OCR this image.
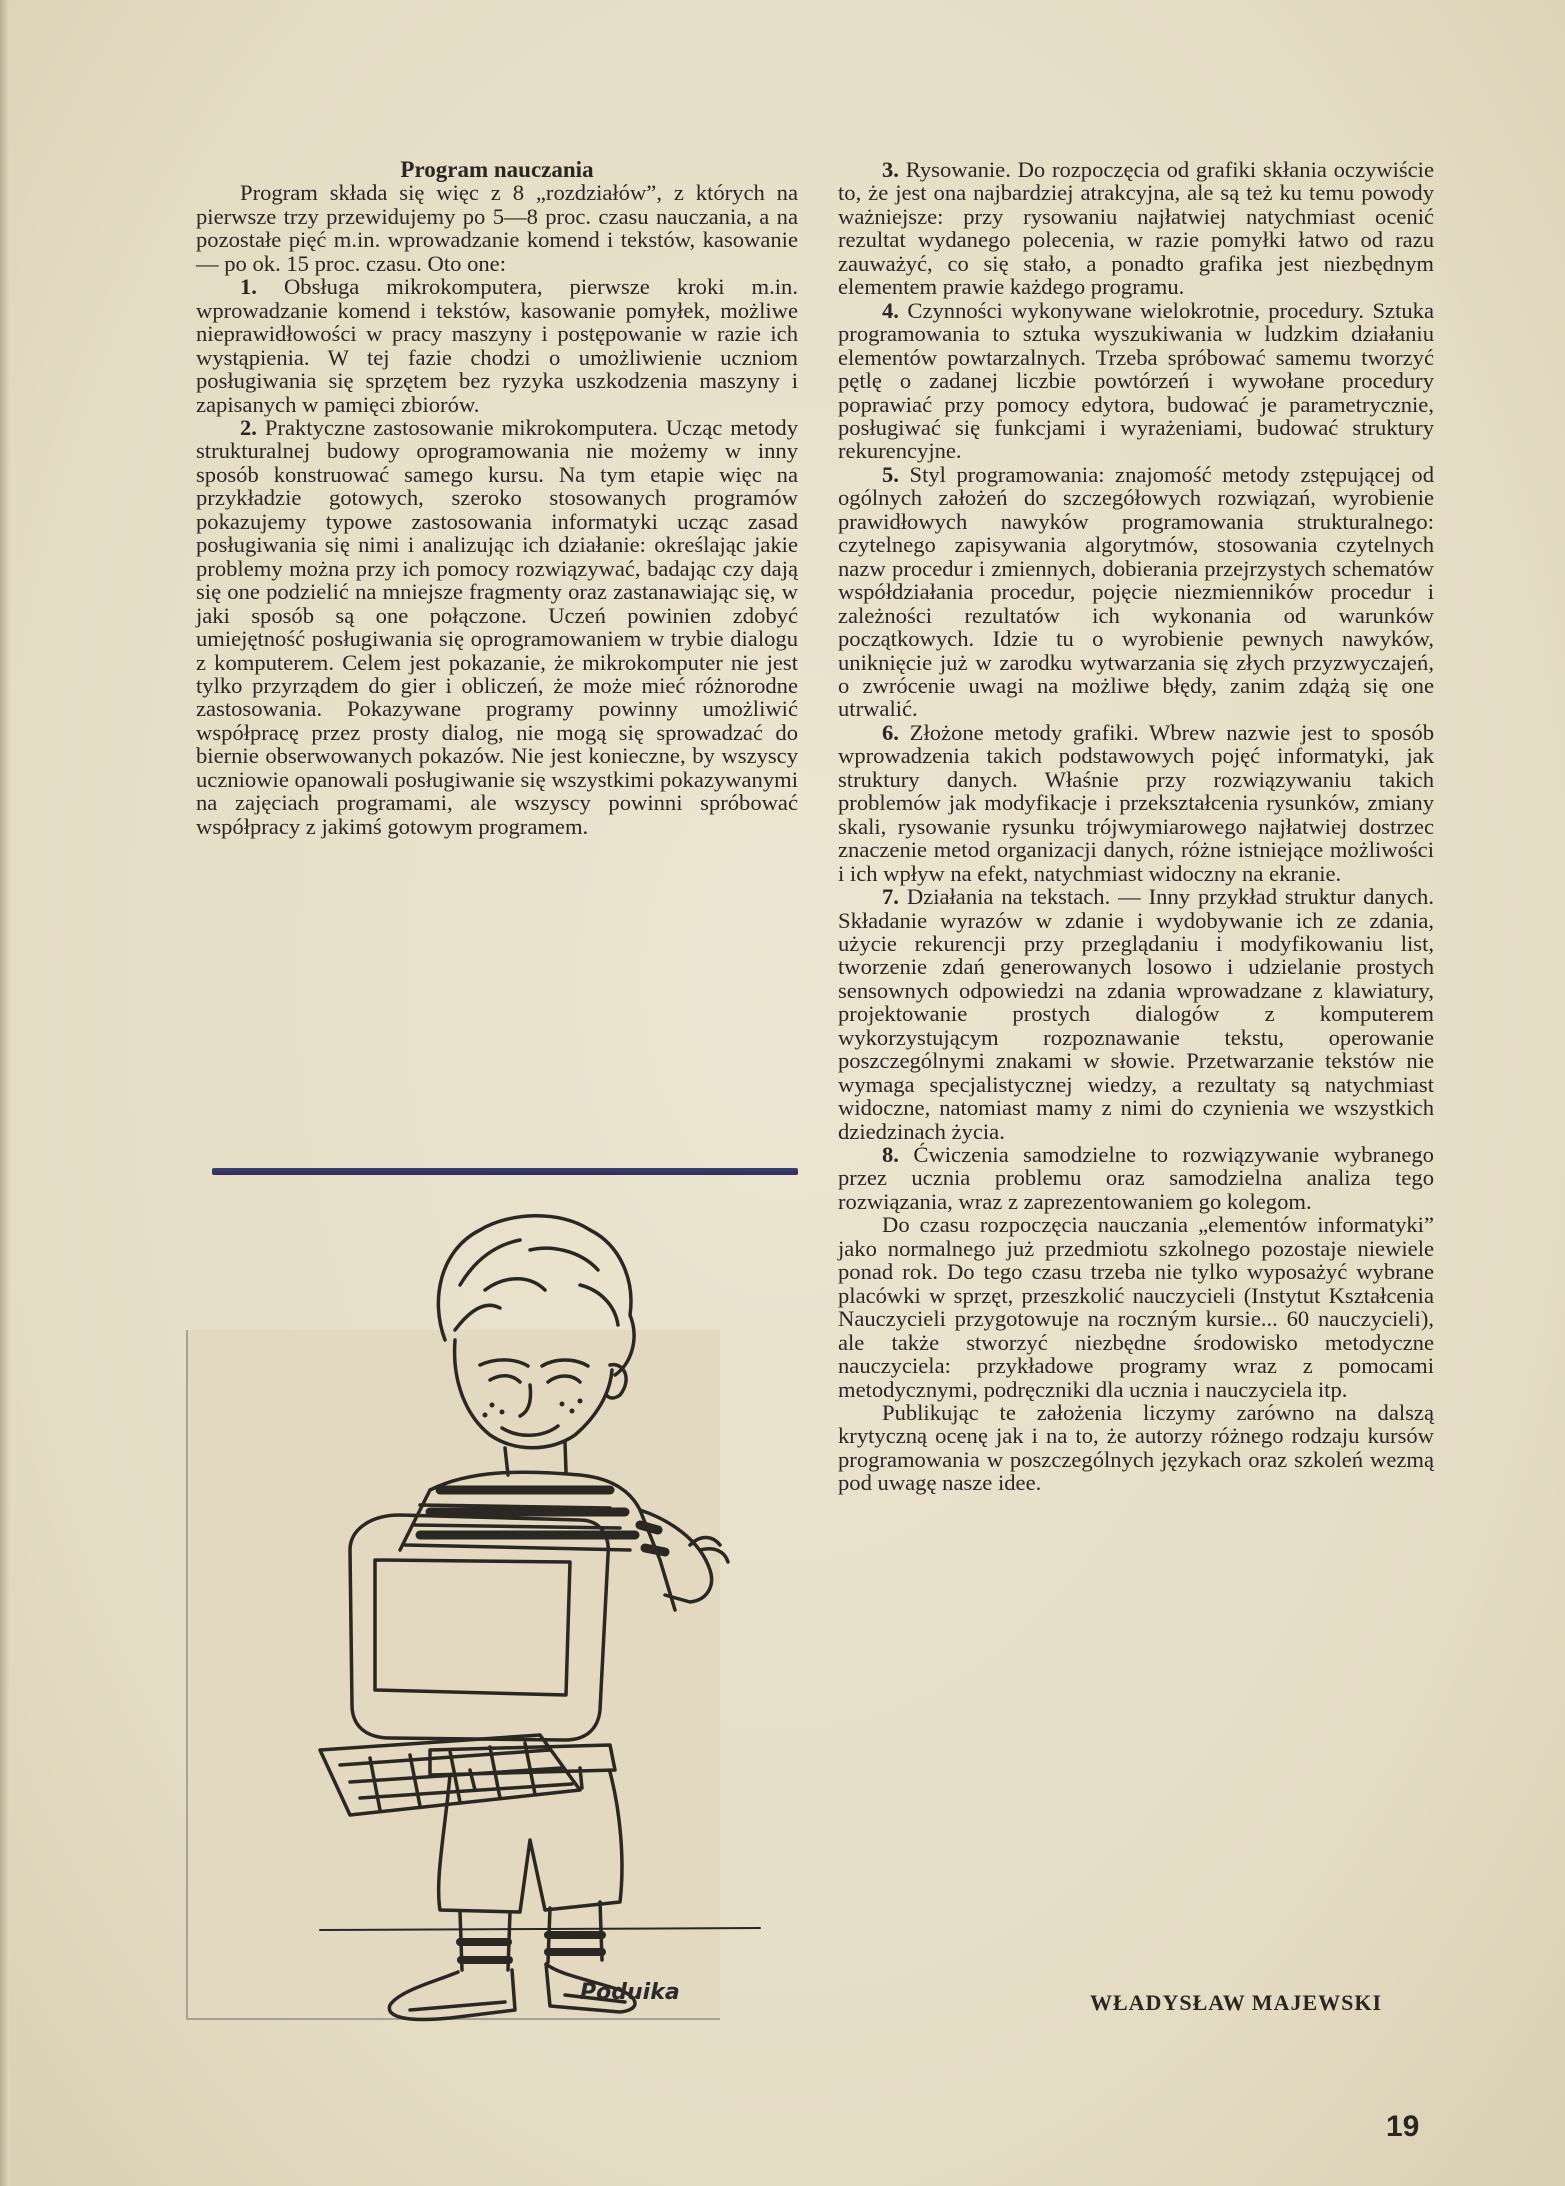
Program nauczania

Program składa się więc z 8 „rozdziałów”, z których na pierwsze trzy przewidujemy po 5—8 proc. czasu nauczania, a na pozostałe pięć m.in. wprowadzanie komend i tekstów, kasowanie — po ok. 15 proc. czasu. Oto one:

1. Obsługa mikrokomputera, pierwsze kroki m.in. wprowadzanie komend i tekstów, kasowanie pomyłek, możliwe nieprawidłowości w pracy maszyny i postępowanie w razie ich wystąpienia. W tej fazie chodzi o umożliwienie uczniom posługiwania się sprzętem bez ryzyka uszkodzenia maszyny i zapisanych w pamięci zbiorów.

2. Praktyczne zastosowanie mikrokomputera. Ucząc metody strukturalnej budowy oprogramowania nie możemy w inny sposób konstruować samego kursu. Na tym etapie więc na przykładzie gotowych, szeroko stosowanych programów pokazujemy typowe zastosowania informatyki ucząc zasad posługiwania się nimi i analizując ich działanie: określając jakie problemy można przy ich pomocy rozwiązywać, badając czy dają się one podzielić na mniejsze fragmenty oraz zastanawiając się, w jaki sposób są one połączone. Uczeń powinien zdobyć umiejętność posługiwania się oprogramowaniem w trybie dialogu z komputerem. Celem jest pokazanie, że mikrokomputer nie jest tylko przyrządem do gier i obliczeń, że może mieć różnorodne zastosowania. Pokazywane programy powinny umożliwić współpracę przez prosty dialog, nie mogą się sprowadzać do biernie obserwowanych pokazów. Nie jest konieczne, by wszyscy uczniowie opanowali posługiwanie się wszystkimi pokazywanymi na zajęciach programami, ale wszyscy powinni spróbować współpracy z jakimś gotowym programem.

3. Rysowanie. Do rozpoczęcia od grafiki skłania oczywiście to, że jest ona najbardziej atrakcyjna, ale są też ku temu powody ważniejsze: przy rysowaniu najłatwiej natychmiast ocenić rezultat wydanego polecenia, w razie pomyłki łatwo od razu zauważyć, co się stało, a ponadto grafika jest niezbędnym elementem prawie każdego programu.

4. Czynności wykonywane wielokrotnie, procedury. Sztuka programowania to sztuka wyszukiwania w ludzkim działaniu elementów powtarzalnych. Trzeba spróbować samemu tworzyć pętlę o zadanej liczbie powtórzeń i wywołane procedury poprawiać przy pomocy edytora, budować je parametrycznie, posługiwać się funkcjami i wyrażeniami, budować struktury rekurencyjne.

5. Styl programowania: znajomość metody zstępującej od ogólnych założeń do szczegółowych rozwiązań, wyrobienie prawidłowych nawyków programowania strukturalnego: czytelnego zapisywania algorytmów, stosowania czytelnych nazw procedur i zmiennych, dobierania przejrzystych schematów współdziałania procedur, pojęcie niezmienników procedur i zależności rezultatów ich wykonania od warunków początkowych. Idzie tu o wyrobienie pewnych nawyków, uniknięcie już w zarodku wytwarzania się złych przyzwyczajeń, o zwrócenie uwagi na możliwe błędy, zanim zdążą się one utrwalić.

6. Złożone metody grafiki. Wbrew nazwie jest to sposób wprowadzenia takich podstawowych pojęć informatyki, jak struktury danych. Właśnie przy rozwiązywaniu takich problemów jak modyfikacje i przekształcenia rysunków, zmiany skali, rysowanie rysunku trójwymiarowego najłatwiej dostrzec znaczenie metod organizacji danych, różne istniejące możliwości i ich wpływ na efekt, natychmiast widoczny na ekranie.

7. Działania na tekstach. — Inny przykład struktur danych. Składanie wyrazów w zdanie i wydobywanie ich ze zdania, użycie rekurencji przy przeglądaniu i modyfikowaniu list, tworzenie zdań generowanych losowo i udzielanie prostych sensownych odpowiedzi na zdania wprowadzane z klawiatury, projektowanie prostych dialogów z komputerem wykorzystującym rozpoznawanie tekstu, operowanie poszczególnymi znakami w słowie. Przetwarzanie tekstów nie wymaga specjalistycznej wiedzy, a rezultaty są natychmiast widoczne, natomiast mamy z nimi do czynienia we wszystkich dziedzinach życia.

8. Ćwiczenia samodzielne to rozwiązywanie wybranego przez ucznia problemu oraz samodzielna analiza tego rozwiązania, wraz z zaprezentowaniem go kolegom.

Do czasu rozpoczęcia nauczania „elementów informatyki” jako normalnego już przedmiotu szkolnego pozostaje niewiele ponad rok. Do tego czasu trzeba nie tylko wyposażyć wybrane placówki w sprzęt, przeszkolić nauczycieli (Instytut Kształcenia Nauczycieli przygotowuje na roczným kursie... 60 nauczycieli), ale także stworzyć niezbędne środowisko metodyczne nauczyciela: przykładowe programy wraz z pomocami metodycznymi, podręczniki dla ucznia i nauczyciela itp.

Publikując te założenia liczymy zarówno na dalszą krytyczną ocenę jak i na to, że autorzy różnego rodzaju kursów programowania w poszczególnych językach oraz szkoleń wezmą pod uwagę nasze idee.

Poduika	WŁADYSŁAW MAJEWSKI
19
